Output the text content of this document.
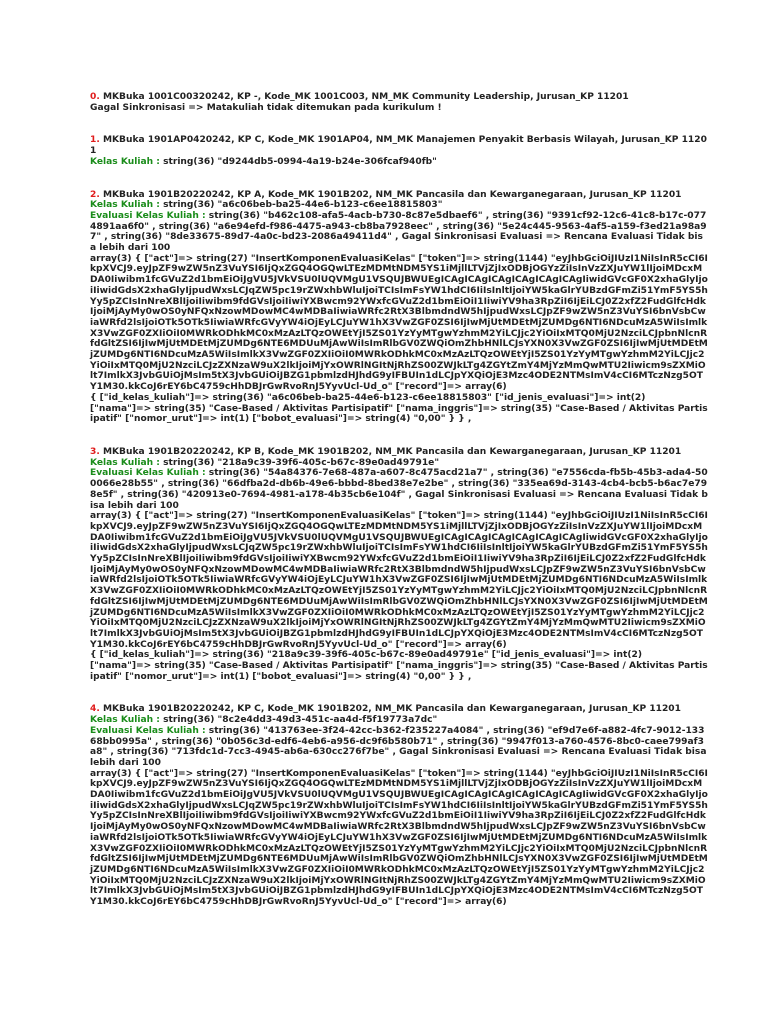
0. MKBuka 1001C00320242, KP -, Kode_MK 1001C003, NM_MK Community Leadership, Jurusan_KP 11201
Gagal Sinkronisasi => Matakuliah tidak ditemukan pada kurikulum !
1. MKBuka 1901AP0420242, KP C, Kode_MK 1901AP04, NM_MK Manajemen Penyakit Berbasis Wilayah, Jurusan_KP 11201
Kelas Kuliah : string(36) "d9244db5-0994-4a19-b24e-306fcaf940fb"
2. MKBuka 1901B20220242, KP A, Kode_MK 1901B202, NM_MK Pancasila dan Kewarganegaraan, Jurusan_KP 11201
Kelas Kuliah : string(36) "a6c06beb-ba25-44e6-b123-c6ee18815803"
Evaluasi Kelas Kuliah : string(36) "b462c108-afa5-4acb-b730-8c87e5dbaef6" , string(36) "9391cf92-12c6-41c8-b17c-0774891aa6f0" , string(36) "a6e94efd-f986-4475-a943-cb8ba7928eec" , string(36) "5e24c445-9563-4af5-a159-f3ed21a98a97" , string(36) "8de33675-89d7-4a0c-bd23-2086a49411d4" , Gagal Sinkronisasi Evaluasi => Rencana Evaluasi Tidak bisa lebih dari 100
array(3) { ["act"]=> string(27) "InsertKomponenEvaluasiKelas" ["token"]=> string(1144) "eyJhbGciOiJIUzI1NiIsInR5cCI6IkpXVCJ9.eyJpZF9wZW5nZ3VuYSI6IjQxZGQ4OGQwLTEzMDMtNDM5YS1iMjllLTVjZjIxODBjOGYzZiIsInVzZXJuYW1lIjoiMDcxMDA0Iiwibm1fcGVuZ2d1bmEiOiJgVU5JVkVSU0lUQVMgU1VSQUJBWUEgICAgICAgICAgICAgICAgICAgIiwidGVcGF0X2xhaGlyIjoiIiwidGdsX2xhaGlyIjpudWxsLCJqZW5pc19rZWxhbWluIjoiTCIsImFsYW1hdCI6IiIsInltIjoiYW5kaGlrYUBzdGFmZi51YmF5YS5hYy5pZCIsInNreXBlIjoiIiwibm9fdGVsIjoiIiwiYXBwcm92YWxfcGVuZ2d1bmEiOiI1IiwiYV9ha3RpZiI6IjEiLCJ0Z2xfZ2FudGlfcHdkIjoiMjAyMy0wOS0yNFQxNzowMDowMC4wMDBaIiwiaWRfc2RtX3BlbmdndW5hIjpudWxsLCJpZF9wZW5nZ3VuYSI6bnVsbCwiaWRfd2lsIjoiOTk5OTk5IiwiaWRfcGVyYW4iOjEyLCJuYW1hX3VwZGF0ZSI6IjIwMjUtMDEtMjZUMDg6NTI6NDcuMzA5WiIsImlkX3VwZGF0ZXIiOiI0MWRkODhkMC0xMzAzLTQzOWEtYjI5ZS01YzYyMTgwYzhmM2YiLCJjc2YiOiIxMTQ0MjU2NzciLCJpbnNlcnRfdGltZSI6IjIwMjUtMDEtMjZUMDg6NTE6MDUuMjAwWiIsImRlbGV0ZWQiOmZhbHNlLCJsYXN0X3VwZGF0ZSI6IjIwMjUtMDEtMjZUMDg6NTI6NDcuMzA5WiIsImlkX3VwZGF0ZXIiOiI0MWRkODhkMC0xMzAzLTQzOWEtYjI5ZS01YzYyMTgwYzhmM2YiLCJjc2YiOiIxMTQ0MjU2NzciLCJzZXNzaW9uX2lkIjoiMjYxOWRlNGItNjRhZS00ZWJkLTg4ZGYtZmY4MjYzMmQwMTU2Iiwicm9sZXMiOlt7ImlkX3JvbGUiOjMsIm5tX3JvbGUiOiJBZG1pbmlzdHJhdG9yIFBUIn1dLCJpYXQiOjE3Mzc4ODE2NTMsImV4cCI6MTczNzg5OTY1M30.kkCoJ6rEY6bC4759cHhDBJrGwRvoRnJ5YyvUcl-Ud_o" ["record"]=> array(6)
{ ["id_kelas_kuliah"]=> string(36) "a6c06beb-ba25-44e6-b123-c6ee18815803" ["id_jenis_evaluasi"]=> int(2)
["nama"]=> string(35) "Case-Based / Aktivitas Partisipatif" ["nama_inggris"]=> string(35) "Case-Based / Aktivitas Partisipatif" ["nomor_urut"]=> int(1) ["bobot_evaluasi"]=> string(4) "0,00" } } ,
3. MKBuka 1901B20220242, KP B, Kode_MK 1901B202, NM_MK Pancasila dan Kewarganegaraan, Jurusan_KP 11201
Kelas Kuliah : string(36) "218a9c39-39f6-405c-b67c-89e0ad49791e"
Evaluasi Kelas Kuliah : string(36) "54a84376-7e68-487a-a607-8c475acd21a7" , string(36) "e7556cda-fb5b-45b3-ada4-500066e28b55" , string(36) "66dfba2d-db6b-49e6-bbbd-8bed38e7e2be" , string(36) "335ea69d-3143-4cb4-bcb5-b6ac7e798e5f" , string(36) "420913e0-7694-4981-a178-4b35cb6e104f" , Gagal Sinkronisasi Evaluasi => Rencana Evaluasi Tidak bisa lebih dari 100
array(3) { ["act"]=> string(27) "InsertKomponenEvaluasiKelas" ["token"]=> string(1144) "eyJhbGciOiJIUzI1NiIsInR5cCI6IkpXVCJ9.eyJpZF9wZW5nZ3VuYSI6IjQxZGQ4OGQwLTEzMDMtNDM5YS1iMjllLTVjZjIxODBjOGYzZiIsInVzZXJuYW1lIjoiMDcxMDA0Iiwibm1fcGVuZ2d1bmEiOiJgVU5JVkVSU0lUQVMgU1VSQUJBWUEgICAgICAgICAgICAgICAgICAgIiwidGVcGF0X2xhaGlyIjoiIiwidGdsX2xhaGlyIjpudWxsLCJqZW5pc19rZWxhbWluIjoiTCIsImFsYW1hdCI6IiIsInltIjoiYW5kaGlrYUBzdGFmZi51YmF5YS5hYy5pZCIsInNreXBlIjoiIiwibm9fdGVsIjoiIiwiYXBwcm92YWxfcGVuZ2d1bmEiOiI1IiwiYV9ha3RpZiI6IjEiLCJ0Z2xfZ2FudGlfcHdkIjoiMjAyMy0wOS0yNFQxNzowMDowMC4wMDBaIiwiaWRfc2RtX3BlbmdndW5hIjpudWxsLCJpZF9wZW5nZ3VuYSI6bnVsbCwiaWRfd2lsIjoiOTk5OTk5IiwiaWRfcGVyYW4iOjEyLCJuYW1hX3VwZGF0ZSI6IjIwMjUtMDEtMjZUMDg6NTI6NDcuMzA5WiIsImlkX3VwZGF0ZXIiOiI0MWRkODhkMC0xMzAzLTQzOWEtYjI5ZS01YzYyMTgwYzhmM2YiLCJjc2YiOiIxMTQ0MjU2NzciLCJpbnNlcnRfdGltZSI6IjIwMjUtMDEtMjZUMDg6NTE6MDUuMjAwWiIsImRlbGV0ZWQiOmZhbHNlLCJsYXN0X3VwZGF0ZSI6IjIwMjUtMDEtMjZUMDg6NTI6NDcuMzA5WiIsImlkX3VwZGF0ZXIiOiI0MWRkODhkMC0xMzAzLTQzOWEtYjI5ZS01YzYyMTgwYzhmM2YiLCJjc2YiOiIxMTQ0MjU2NzciLCJzZXNzaW9uX2lkIjoiMjYxOWRlNGItNjRhZS00ZWJkLTg4ZGYtZmY4MjYzMmQwMTU2Iiwicm9sZXMiOlt7ImlkX3JvbGUiOjMsIm5tX3JvbGUiOiJBZG1pbmlzdHJhdG9yIFBUIn1dLCJpYXQiOjE3Mzc4ODE2NTMsImV4cCI6MTczNzg5OTY1M30.kkCoJ6rEY6bC4759cHhDBJrGwRvoRnJ5YyvUcl-Ud_o" ["record"]=> array(6)
{ ["id_kelas_kuliah"]=> string(36) "218a9c39-39f6-405c-b67c-89e0ad49791e" ["id_jenis_evaluasi"]=> int(2)
["nama"]=> string(35) "Case-Based / Aktivitas Partisipatif" ["nama_inggris"]=> string(35) "Case-Based / Aktivitas Partisipatif" ["nomor_urut"]=> int(1) ["bobot_evaluasi"]=> string(4) "0,00" } } ,
4. MKBuka 1901B20220242, KP C, Kode_MK 1901B202, NM_MK Pancasila dan Kewarganegaraan, Jurusan_KP 11201
Kelas Kuliah : string(36) "8c2e4dd3-49d3-451c-aa4d-f5f19773a7dc"
Evaluasi Kelas Kuliah : string(36) "413763ee-3f24-42cc-b362-f235227a4084" , string(36) "ef9d7e6f-a882-4fc7-9012-13368bb0995a" , string(36) "0b056c3d-edf6-4eb6-a956-dc9f6b580b71" , string(36) "9947f013-a760-4576-8bc0-caee799af3a8" , string(36) "713fdc1d-7cc3-4945-ab6a-630cc276f7be" , Gagal Sinkronisasi Evaluasi => Rencana Evaluasi Tidak bisa lebih dari 100
array(3) { ["act"]=> string(27) "InsertKomponenEvaluasiKelas" ["token"]=> string(1144) "eyJhbGciOiJIUzI1NiIsInR5cCI6IkpXVCJ9.eyJpZF9wZW5nZ3VuYSI6IjQxZGQ4OGQwLTEzMDMtNDM5YS1iMjllLTVjZjIxODBjOGYzZiIsInVzZXJuYW1lIjoiMDcxMDA0Iiwibm1fcGVuZ2d1bmEiOiJgVU5JVkVSU0lUQVMgU1VSQUJBWUEgICAgICAgICAgICAgICAgICAgIiwidGVcGF0X2xhaGlyIjoiIiwidGdsX2xhaGlyIjpudWxsLCJqZW5pc19rZWxhbWluIjoiTCIsImFsYW1hdCI6IiIsInltIjoiYW5kaGlrYUBzdGFmZi51YmF5YS5hYy5pZCIsInNreXBlIjoiIiwibm9fdGVsIjoiIiwiYXBwcm92YWxfcGVuZ2d1bmEiOiI1IiwiYV9ha3RpZiI6IjEiLCJ0Z2xfZ2FudGlfcHdkIjoiMjAyMy0wOS0yNFQxNzowMDowMC4wMDBaIiwiaWRfc2RtX3BlbmdndW5hIjpudWxsLCJpZF9wZW5nZ3VuYSI6bnVsbCwiaWRfd2lsIjoiOTk5OTk5IiwiaWRfcGVyYW4iOjEyLCJuYW1hX3VwZGF0ZSI6IjIwMjUtMDEtMjZUMDg6NTI6NDcuMzA5WiIsImlkX3VwZGF0ZXIiOiI0MWRkODhkMC0xMzAzLTQzOWEtYjI5ZS01YzYyMTgwYzhmM2YiLCJjc2YiOiIxMTQ0MjU2NzciLCJpbnNlcnRfdGltZSI6IjIwMjUtMDEtMjZUMDg6NTE6MDUuMjAwWiIsImRlbGV0ZWQiOmZhbHNlLCJsYXN0X3VwZGF0ZSI6IjIwMjUtMDEtMjZUMDg6NTI6NDcuMzA5WiIsImlkX3VwZGF0ZXIiOiI0MWRkODhkMC0xMzAzLTQzOWEtYjI5ZS01YzYyMTgwYzhmM2YiLCJjc2YiOiIxMTQ0MjU2NzciLCJzZXNzaW9uX2lkIjoiMjYxOWRlNGItNjRhZS00ZWJkLTg4ZGYtZmY4MjYzMmQwMTU2Iiwicm9sZXMiOlt7ImlkX3JvbGUiOjMsIm5tX3JvbGUiOiJBZG1pbmlzdHJhdG9yIFBUIn1dLCJpYXQiOjE3Mzc4ODE2NTMsImV4cCI6MTczNzg5OTY1M30.kkCoJ6rEY6bC4759cHhDBJrGwRvoRnJ5YyvUcl-Ud_o" ["record"]=> array(6)
